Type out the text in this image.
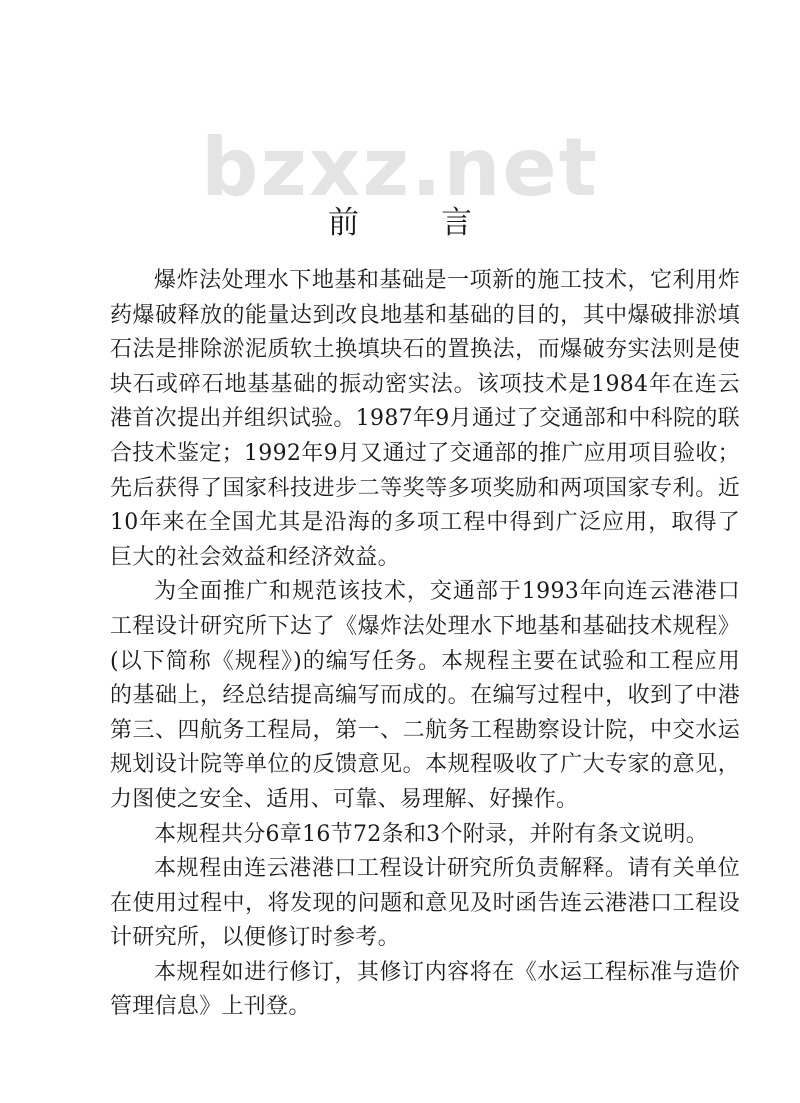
bzxz.net
前言

爆炸法处理水下地基和基础是一项新的施工技术，它利用炸药爆破释放的能量达到改良地基和基础的目的，其中爆破排淤填石法是排除淤泥质软土换填块石的置换法，而爆破夯实法则是使块石或碎石地基基础的振动密实法。该项技术是1984年在连云港首次提出并组织试验。1987年9月通过了交通部和中科院的联合技术鉴定；1992年9月又通过了交通部的推广应用项目验收；先后获得了国家科技进步二等奖等多项奖励和两项国家专利。近10年来在全国尤其是沿海的多项工程中得到广泛应用，取得了巨大的社会效益和经济效益。

为全面推广和规范该技术，交通部于1993年向连云港港口工程设计研究所下达了《爆炸法处理水下地基和基础技术规程》(以下简称《规程》)的编写任务。本规程主要在试验和工程应用的基础上，经总结提高编写而成的。在编写过程中，收到了中港第三、四航务工程局，第一、二航务工程勘察设计院，中交水运规划设计院等单位的反馈意见。本规程吸收了广大专家的意见，力图使之安全、适用、可靠、易理解、好操作。

本规程共分6章16节72条和3个附录，并附有条文说明。

本规程由连云港港口工程设计研究所负责解释。请有关单位在使用过程中，将发现的问题和意见及时函告连云港港口工程设计研究所，以便修订时参考。

本规程如进行修订，其修订内容将在《水运工程标准与造价管理信息》上刊登。
